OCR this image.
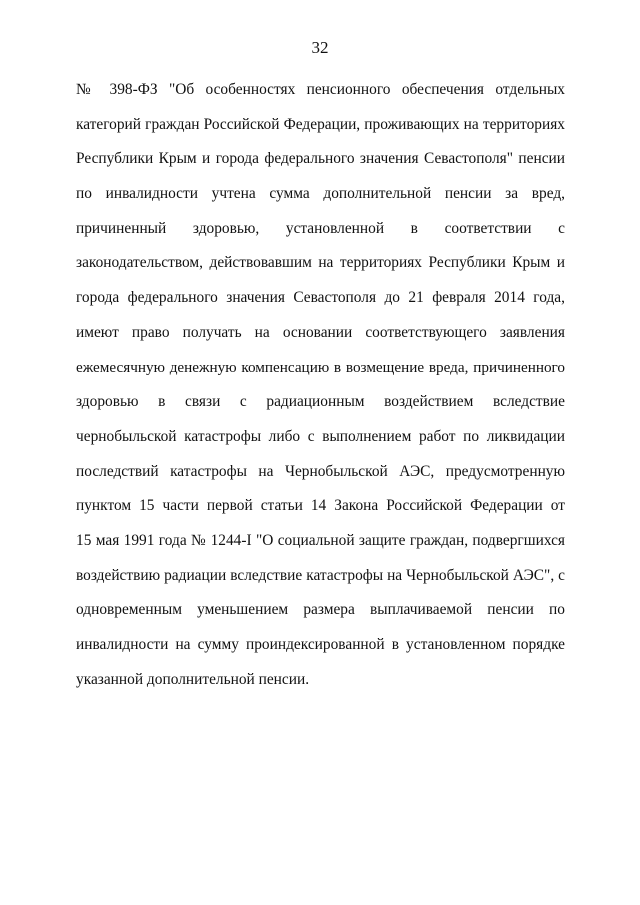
32
№ 398-ФЗ "Об особенностях пенсионного обеспечения отдельных
категорий граждан Российской Федерации, проживающих на территориях
Республики Крым и города федерального значения Севастополя" пенсии
по инвалидности учтена сумма дополнительной пенсии за вред,
причиненный здоровью, установленной в соответствии с
законодательством, действовавшим на территориях Республики Крым и
города федерального значения Севастополя до 21 февраля 2014 года,
имеют право получать на основании соответствующего заявления
ежемесячную денежную компенсацию в возмещение вреда, причиненного
здоровью в связи с радиационным воздействием вследствие
чернобыльской катастрофы либо с выполнением работ по ликвидации
последствий катастрофы на Чернобыльской АЭС, предусмотренную
пунктом 15 части первой статьи 14 Закона Российской Федерации от
15 мая 1991 года № 1244-I "О социальной защите граждан, подвергшихся
воздействию радиации вследствие катастрофы на Чернобыльской АЭС", с
одновременным уменьшением размера выплачиваемой пенсии по
инвалидности на сумму проиндексированной в установленном порядке
указанной дополнительной пенсии.
